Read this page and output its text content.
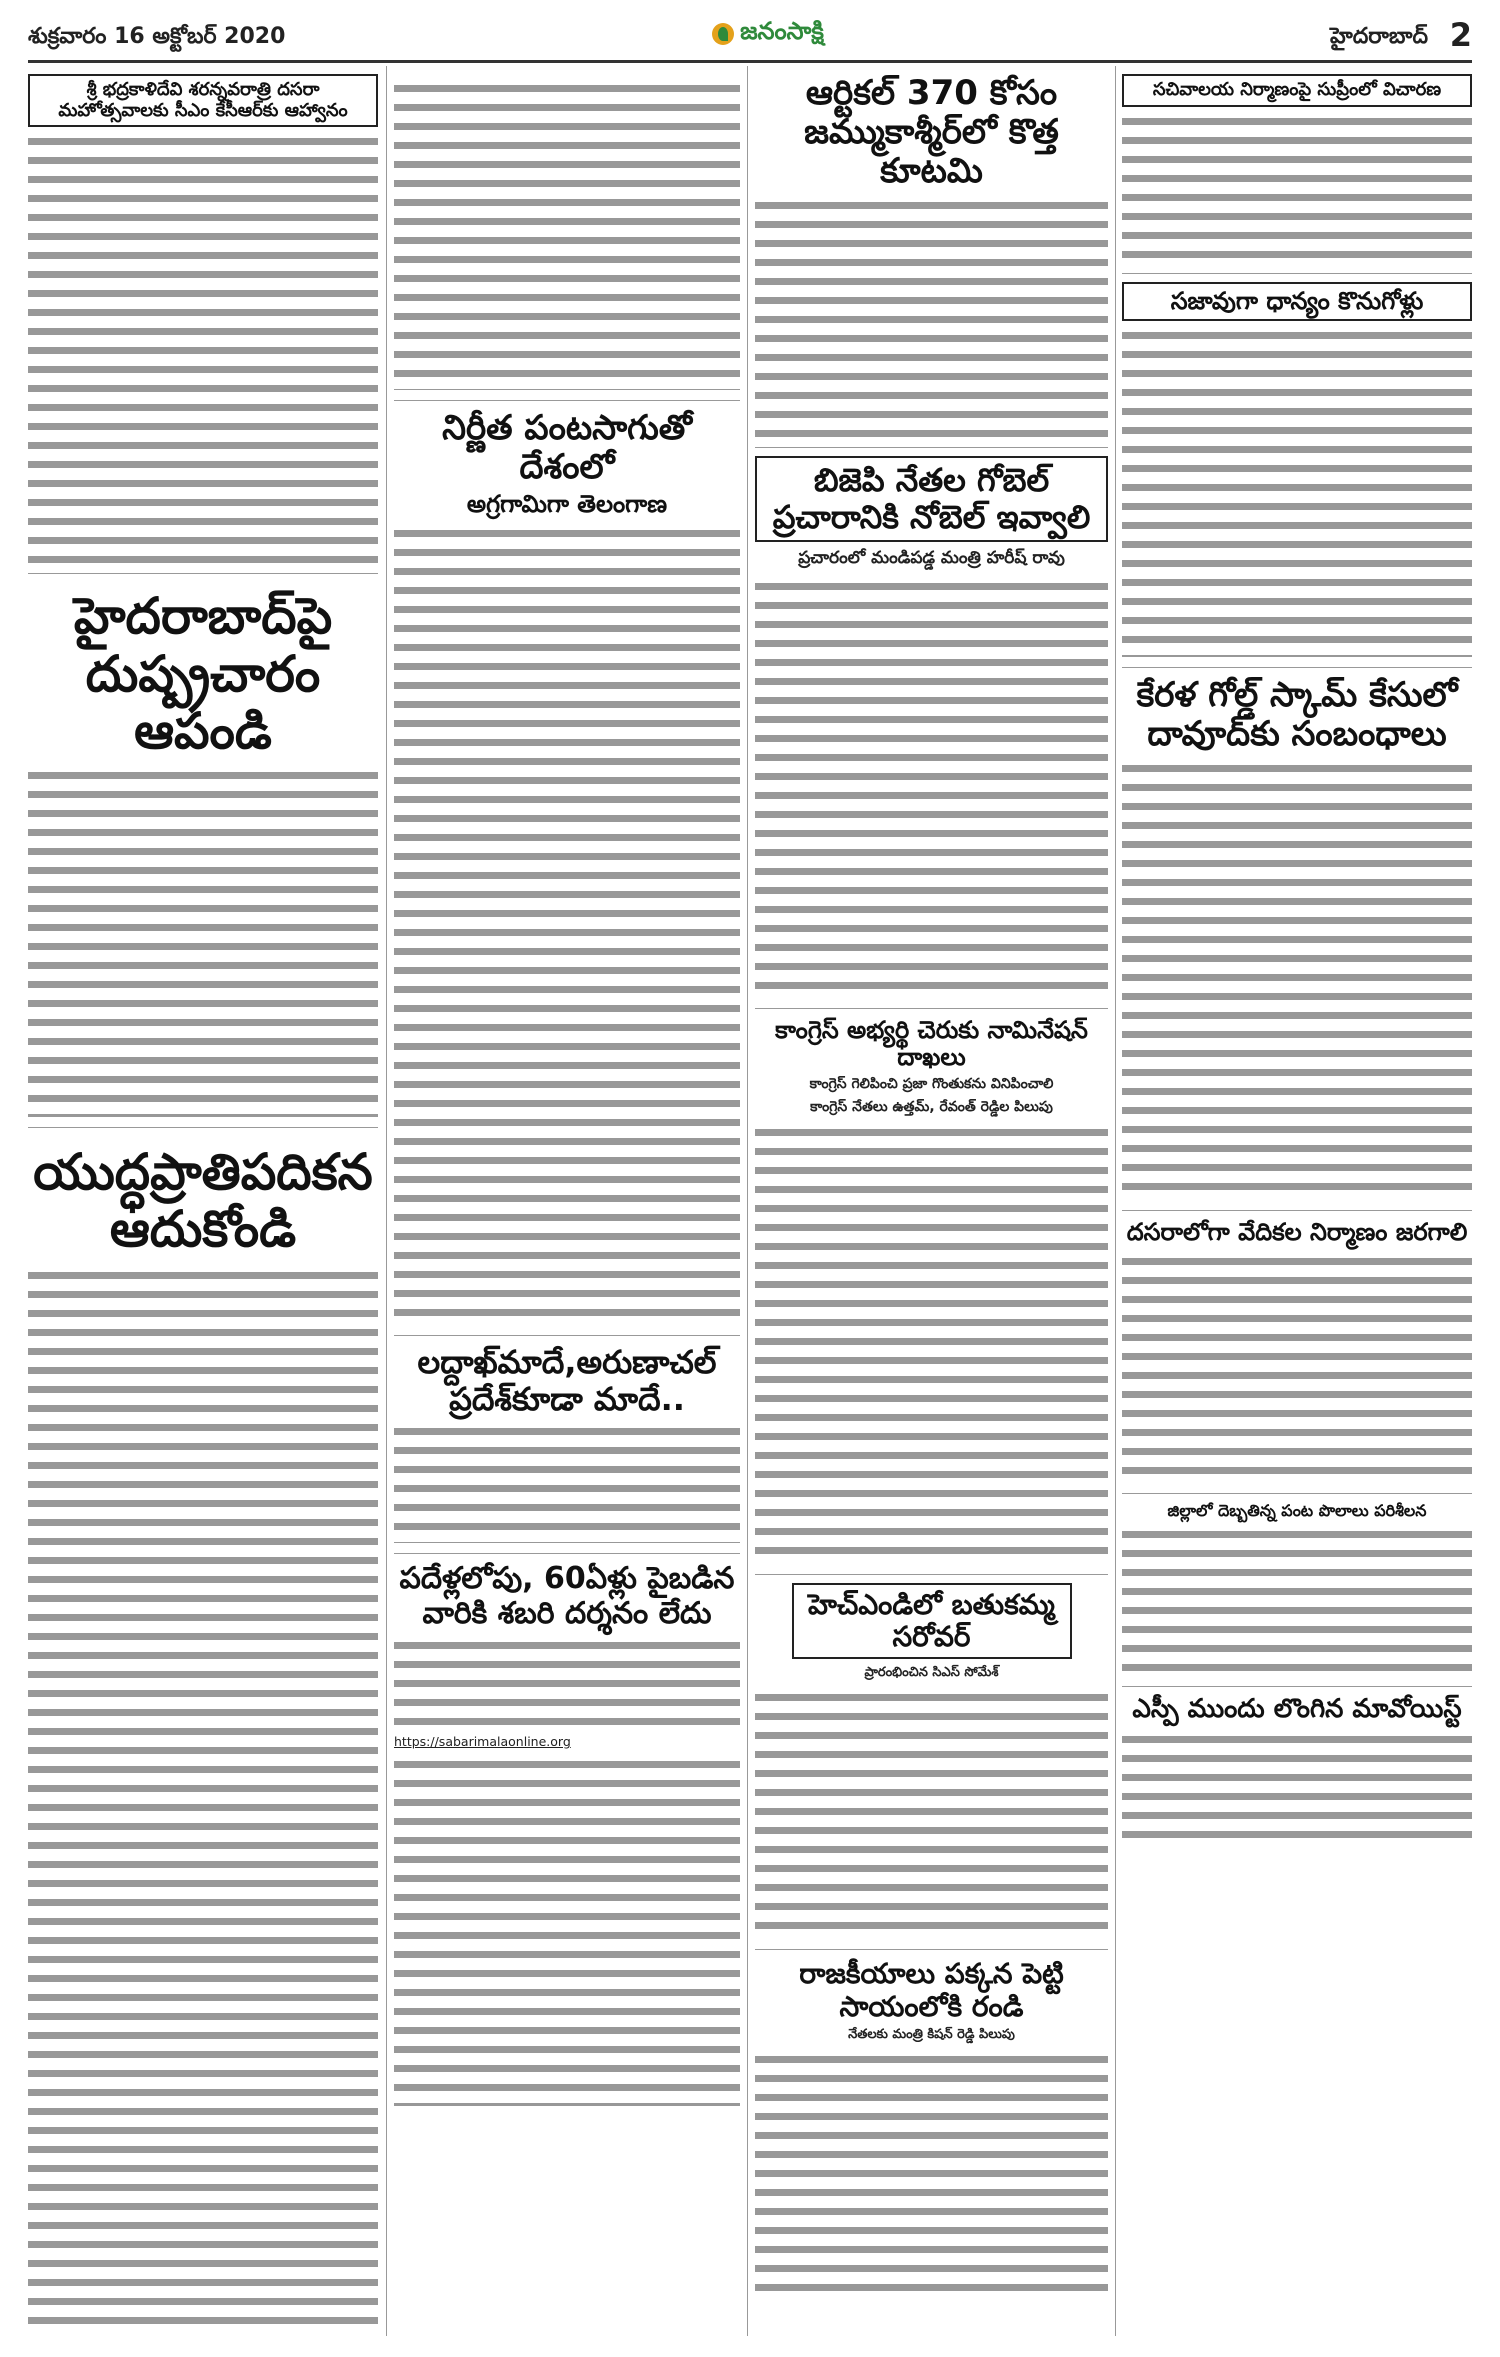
శుక్రవారం 16 అక్టోబర్ 2020	జనంసాక్షి	హైదరాబాద్ 2
శ్రీ భద్రకాళిదేవి శరన్నవరాత్రి దసరా మహోత్సవాలకు సీఎం కేసీఆర్‌కు ఆహ్వానం
హైదరాబాద్‌పై దుష్ప్రచారం ఆపండి
యుద్ధప్రాతిపదికన ఆదుకోండి
నిర్ణీత పంటసాగుతో దేశంలో
అగ్రగామిగా తెలంగాణ
లద్దాఖ్‌మాదే,అరుణాచల్ ప్రదేశ్‌కూడా మాదే..
పదేళ్లలోపు, 60ఏళ్లు పైబడిన వారికి శబరి దర్శనం లేదు
https://sabarimalaonline.org
ఆర్టికల్ 370 కోసం జమ్ముకాశ్మీర్‌లో కొత్త కూటమి
బిజెపి నేతల గోబెల్ ప్రచారానికి నోబెల్ ఇవ్వాలి
ప్రచారంలో మండిపడ్డ మంత్రి హరీష్ రావు
కాంగ్రెస్ అభ్యర్థి చెరుకు నామినేషన్ దాఖలు
కాంగ్రెస్ గెలిపించి ప్రజా గొంతుకను వినిపించాలి
కాంగ్రెస్ నేతలు ఉత్తమ్, రేవంత్ రెడ్డిల పిలుపు
హెచ్ఎండిలో బతుకమ్మ సరోవర్
ప్రారంభించిన సిఎస్ సోమేశ్
రాజకీయాలు పక్కన పెట్టి సాయంలోకి రండి
నేతలకు మంత్రి కిషన్ రెడ్డి పిలుపు
సచివాలయ నిర్మాణంపై సుప్రీంలో విచారణ
సజావుగా ధాన్యం కొనుగోళ్లు
కేరళ గోల్డ్ స్కామ్ కేసులో దావూద్‌కు సంబంధాలు
దసరాలోగా వేదికల నిర్మాణం జరగాలి
జిల్లాలో దెబ్బతిన్న పంట పొలాలు పరిశీలన
ఎస్పీ ముందు లొంగిన మావోయిస్ట్
